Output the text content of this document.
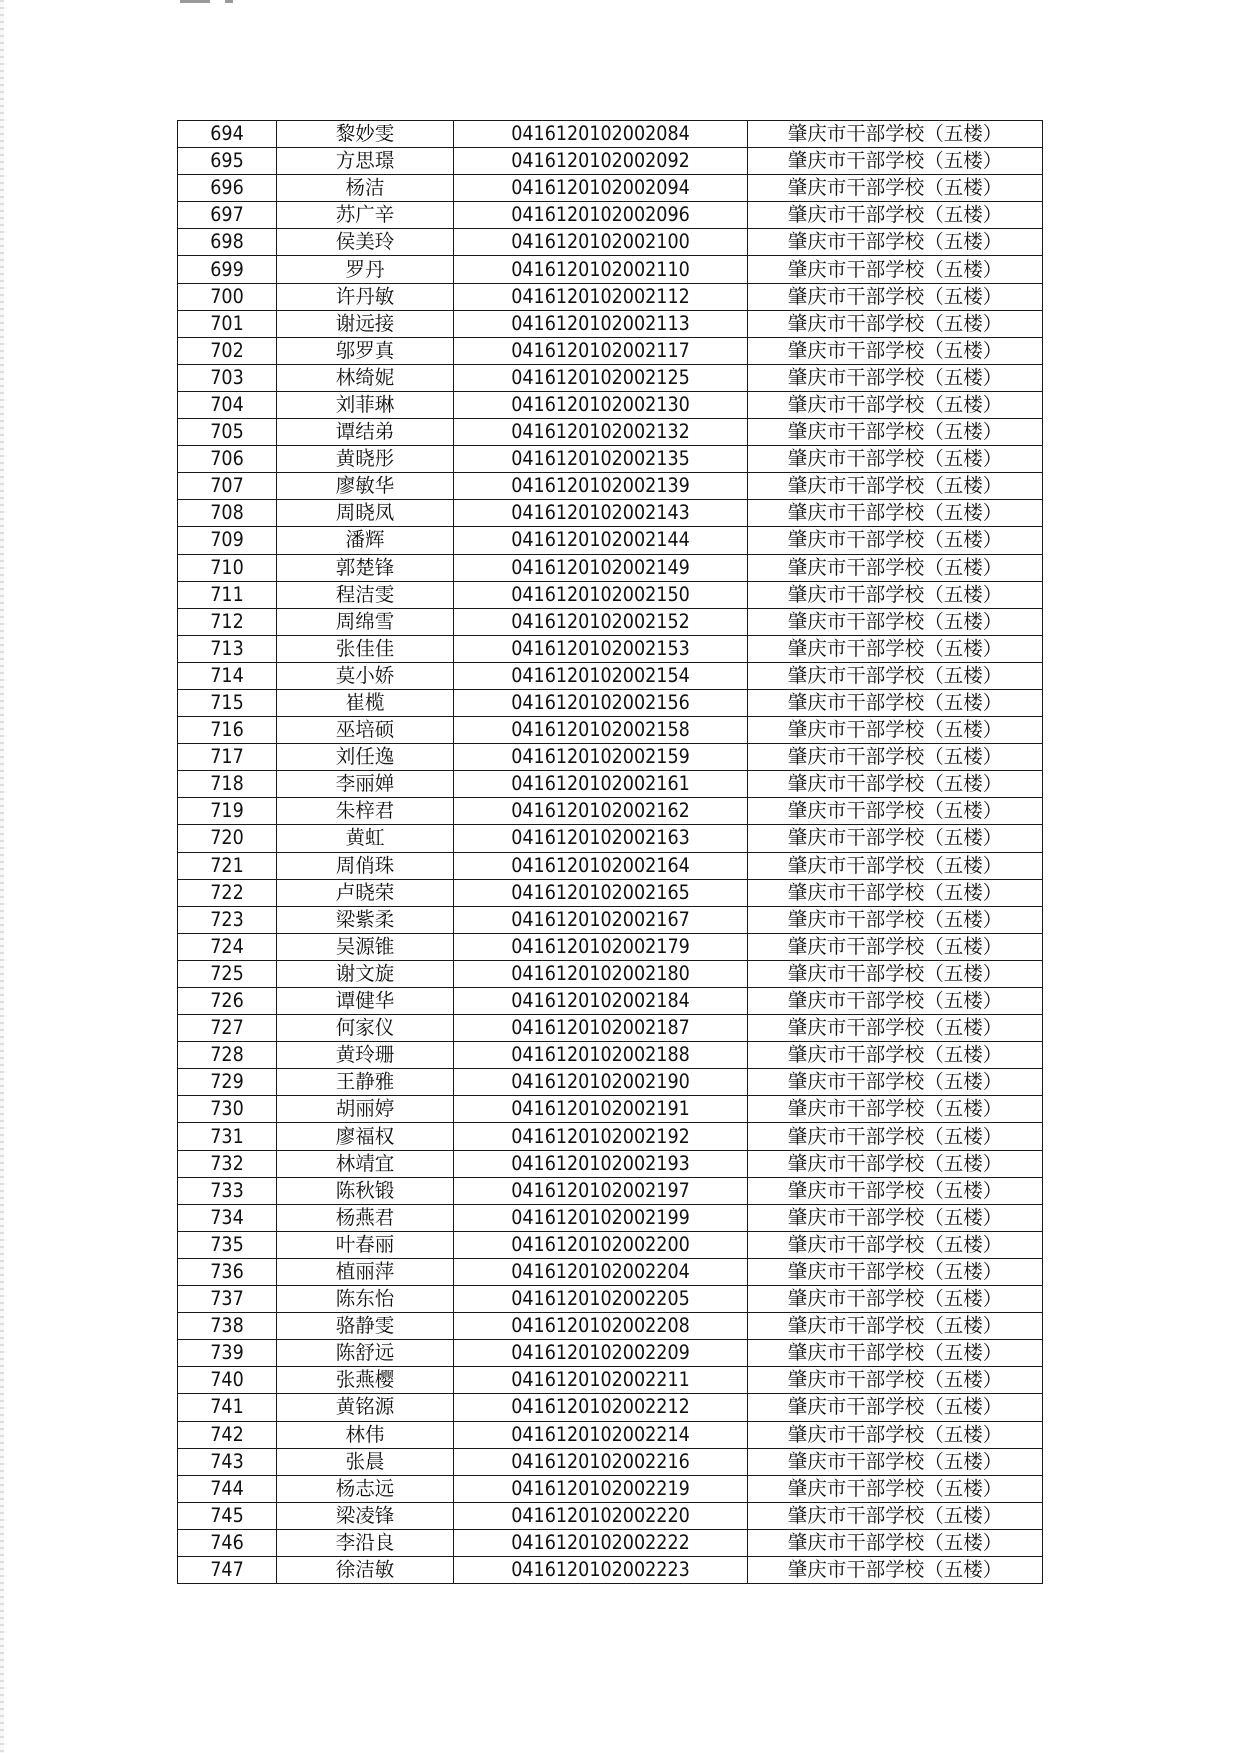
694	黎妙雯	0416120102002084	肇庆市干部学校（五楼）
695	方思璟	0416120102002092	肇庆市干部学校（五楼）
696	杨洁	0416120102002094	肇庆市干部学校（五楼）
697	苏广辛	0416120102002096	肇庆市干部学校（五楼）
698	侯美玲	0416120102002100	肇庆市干部学校（五楼）
699	罗丹	0416120102002110	肇庆市干部学校（五楼）
700	许丹敏	0416120102002112	肇庆市干部学校（五楼）
701	谢远接	0416120102002113	肇庆市干部学校（五楼）
702	邬罗真	0416120102002117	肇庆市干部学校（五楼）
703	林绮妮	0416120102002125	肇庆市干部学校（五楼）
704	刘菲琳	0416120102002130	肇庆市干部学校（五楼）
705	谭结弟	0416120102002132	肇庆市干部学校（五楼）
706	黄晓彤	0416120102002135	肇庆市干部学校（五楼）
707	廖敏华	0416120102002139	肇庆市干部学校（五楼）
708	周晓凤	0416120102002143	肇庆市干部学校（五楼）
709	潘辉	0416120102002144	肇庆市干部学校（五楼）
710	郭楚锋	0416120102002149	肇庆市干部学校（五楼）
711	程洁雯	0416120102002150	肇庆市干部学校（五楼）
712	周绵雪	0416120102002152	肇庆市干部学校（五楼）
713	张佳佳	0416120102002153	肇庆市干部学校（五楼）
714	莫小娇	0416120102002154	肇庆市干部学校（五楼）
715	崔榄	0416120102002156	肇庆市干部学校（五楼）
716	巫培硕	0416120102002158	肇庆市干部学校（五楼）
717	刘任逸	0416120102002159	肇庆市干部学校（五楼）
718	李丽婵	0416120102002161	肇庆市干部学校（五楼）
719	朱梓君	0416120102002162	肇庆市干部学校（五楼）
720	黄虹	0416120102002163	肇庆市干部学校（五楼）
721	周俏珠	0416120102002164	肇庆市干部学校（五楼）
722	卢晓荣	0416120102002165	肇庆市干部学校（五楼）
723	梁紫柔	0416120102002167	肇庆市干部学校（五楼）
724	吴源锥	0416120102002179	肇庆市干部学校（五楼）
725	谢文旋	0416120102002180	肇庆市干部学校（五楼）
726	谭健华	0416120102002184	肇庆市干部学校（五楼）
727	何家仪	0416120102002187	肇庆市干部学校（五楼）
728	黄玲珊	0416120102002188	肇庆市干部学校（五楼）
729	王静雅	0416120102002190	肇庆市干部学校（五楼）
730	胡丽婷	0416120102002191	肇庆市干部学校（五楼）
731	廖福权	0416120102002192	肇庆市干部学校（五楼）
732	林靖宜	0416120102002193	肇庆市干部学校（五楼）
733	陈秋锻	0416120102002197	肇庆市干部学校（五楼）
734	杨燕君	0416120102002199	肇庆市干部学校（五楼）
735	叶春丽	0416120102002200	肇庆市干部学校（五楼）
736	植丽萍	0416120102002204	肇庆市干部学校（五楼）
737	陈东怡	0416120102002205	肇庆市干部学校（五楼）
738	骆静雯	0416120102002208	肇庆市干部学校（五楼）
739	陈舒远	0416120102002209	肇庆市干部学校（五楼）
740	张燕樱	0416120102002211	肇庆市干部学校（五楼）
741	黄铭源	0416120102002212	肇庆市干部学校（五楼）
742	林伟	0416120102002214	肇庆市干部学校（五楼）
743	张晨	0416120102002216	肇庆市干部学校（五楼）
744	杨志远	0416120102002219	肇庆市干部学校（五楼）
745	梁凌锋	0416120102002220	肇庆市干部学校（五楼）
746	李沿良	0416120102002222	肇庆市干部学校（五楼）
747	徐洁敏	0416120102002223	肇庆市干部学校（五楼）
